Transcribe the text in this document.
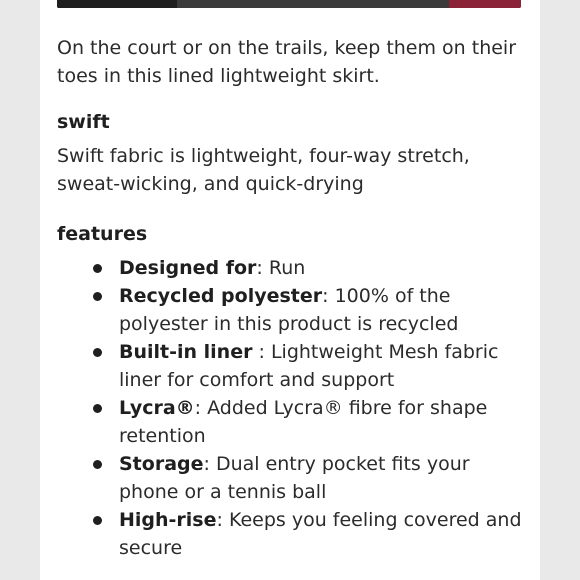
On the court or on the trails, keep them on their toes in this lined lightweight skirt.

swift

Swift fabric is lightweight, four-way stretch, sweat-wicking, and quick-drying

features

Designed for: Run
Recycled polyester: 100% of the polyester in this product is recycled
Built-in liner : Lightweight Mesh fabric liner for comfort and support
Lycra®: Added Lycra® fibre for shape retention
Storage: Dual entry pocket fits your phone or a tennis ball
High-rise: Keeps you feeling covered and secure
